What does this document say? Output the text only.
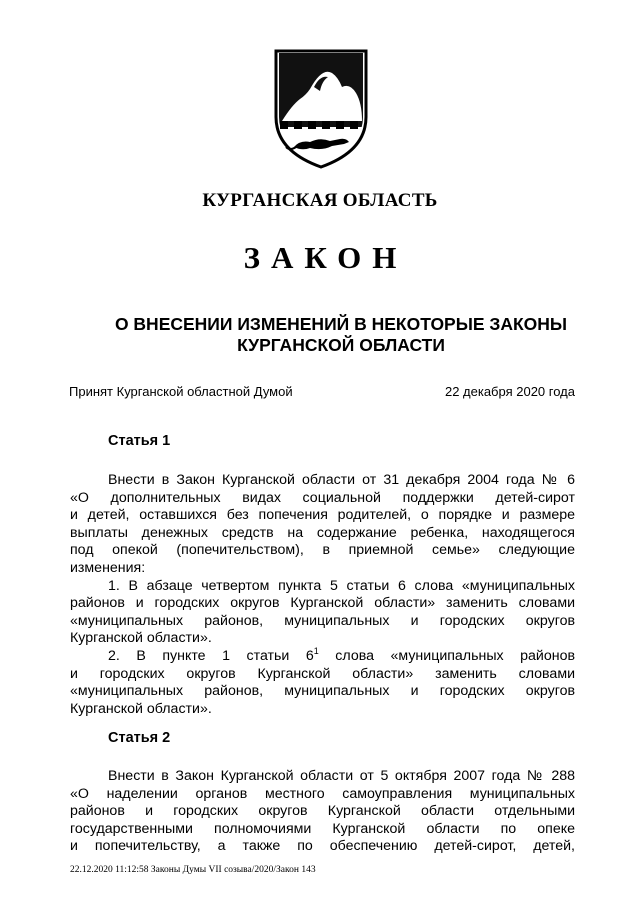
КУРГАНСКАЯ ОБЛАСТЬ
ЗАКОН
О ВНЕСЕНИИ ИЗМЕНЕНИЙ В НЕКОТОРЫЕ ЗАКОНЫ
КУРГАНСКОЙ ОБЛАСТИ
Принят Курганской областной Думой	22 декабря 2020 года
Статья 1
Внести в Закон Курганской области от 31 декабря 2004 года № 6
«О дополнительных видах социальной поддержки детей-сирот
и детей, оставшихся без попечения родителей, о порядке и размере
выплаты денежных средств на содержание ребенка, находящегося
под опекой (попечительством), в приемной семье» следующие
изменения:
1. В абзаце четвертом пункта 5 статьи 6 слова «муниципальных
районов и городских округов Курганской области» заменить словами
«муниципальных районов, муниципальных и городских округов
Курганской области».
2. В пункте 1 статьи $6^1$ слова «муниципальных районов
и городских округов Курганской области» заменить словами
«муниципальных районов, муниципальных и городских округов
Курганской области».
Статья 2
Внести в Закон Курганской области от 5 октября 2007 года № 288
«О наделении органов местного самоуправления муниципальных
районов и городских округов Курганской области отдельными
государственными полномочиями Курганской области по опеке
и попечительству, а также по обеспечению детей-сирот, детей,
22.12.2020 11:12:58 Законы Думы VII созыва/2020/Закон 143
